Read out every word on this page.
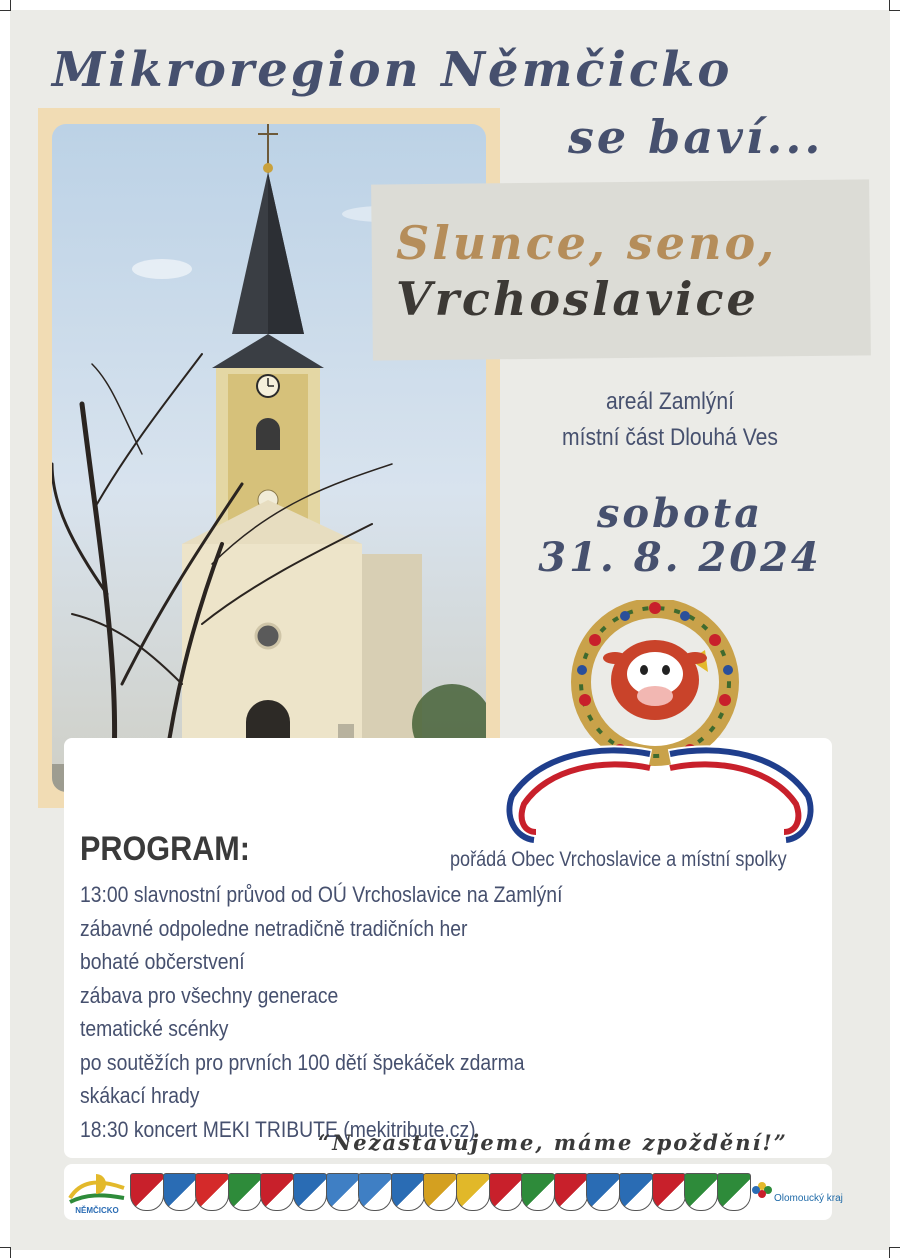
Mikroregion Němčicko
se baví...
Slunce, seno,
Vrchoslavice
areál Zamlýní
místní část Dlouhá Ves
sobota
31. 8. 2024
PROGRAM:	pořádá Obec Vrchoslavice a místní spolky
13:00 slavnostní průvod od OÚ Vrchoslavice na Zamlýní
zábavné odpoledne netradičně tradičních her
bohaté občerstvení
zábava pro všechny generace
tematické scénky
po soutěžích pro prvních 100 dětí špekáček zdarma
skákací hrady
18:30 koncert MEKI TRIBUTE (mekitribute.cz)
“Nezastavujeme, máme zpoždění!”
NĚMČICKO
Olomoucký kraj
